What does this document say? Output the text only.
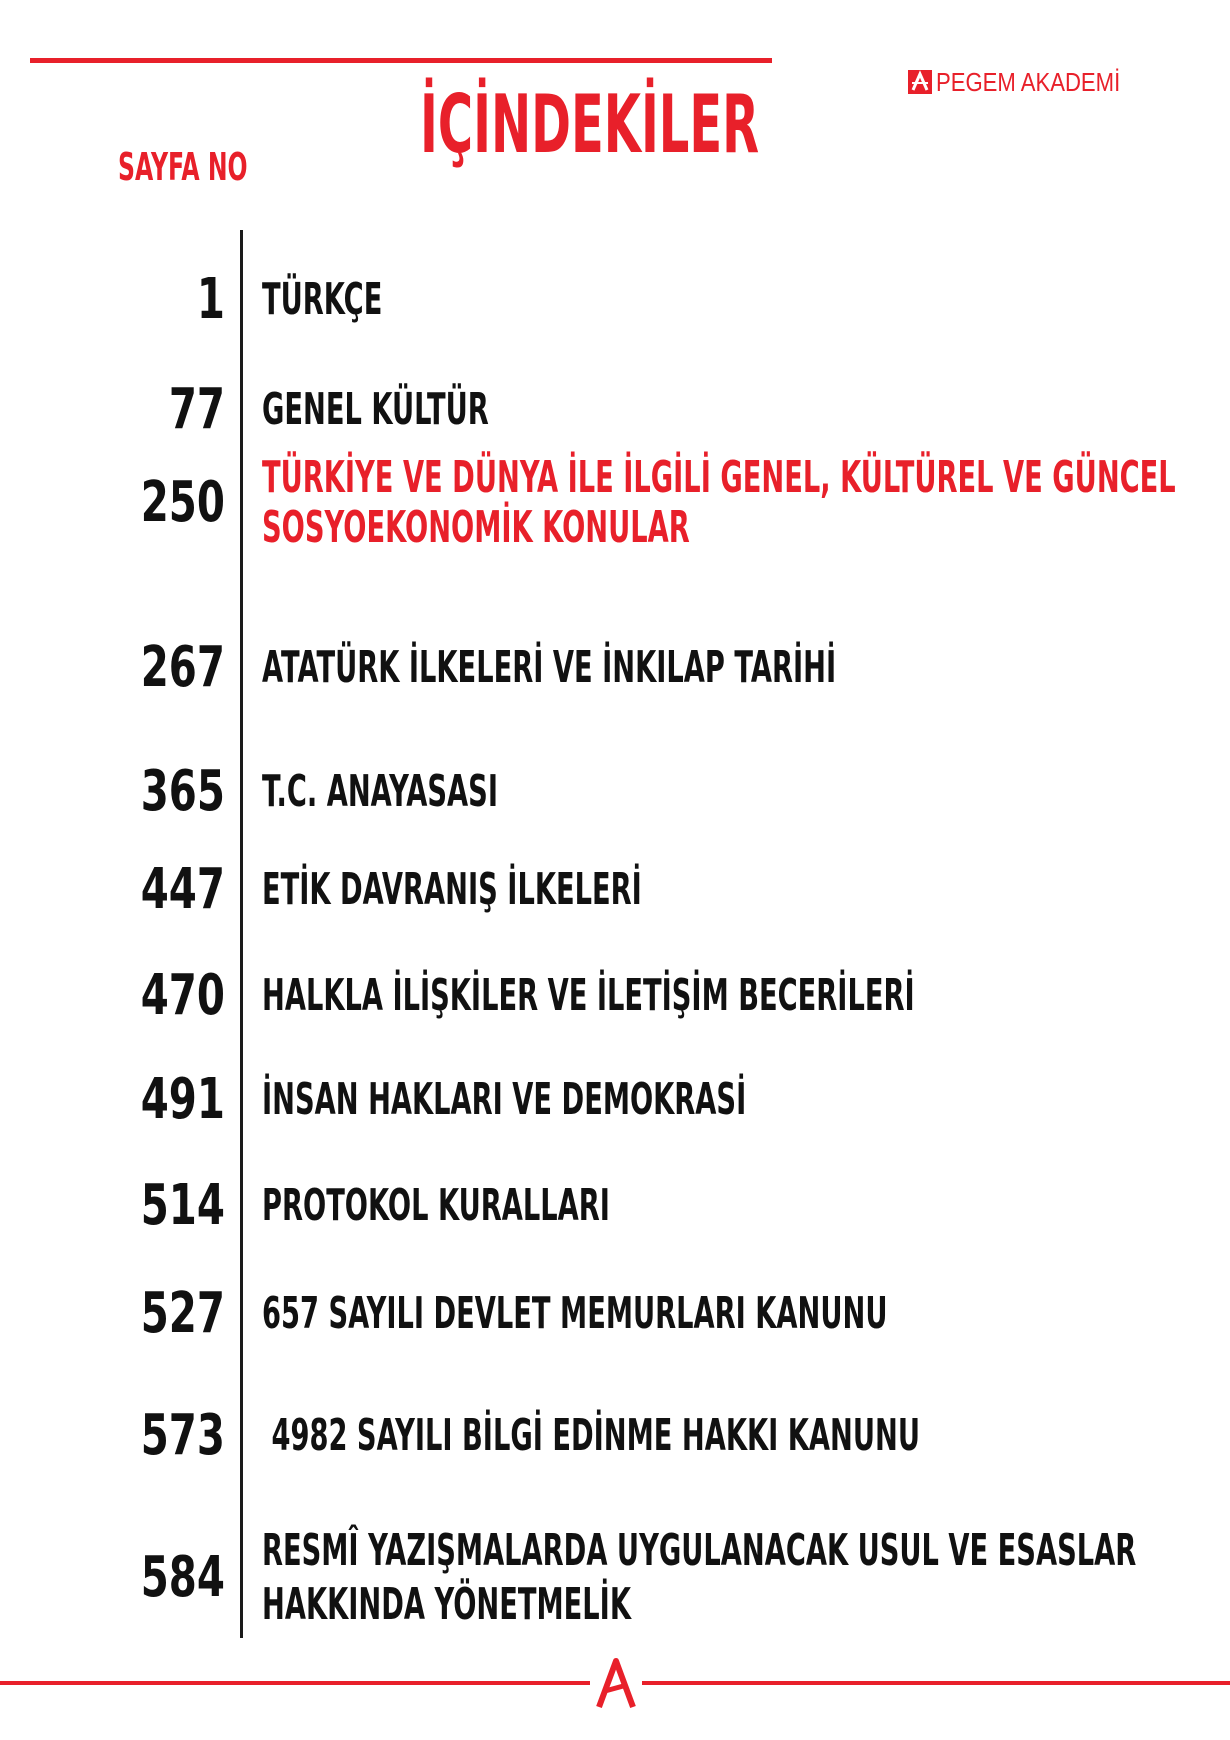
İÇİNDEKİLER
SAYFA NO
PEGEM AKADEMİ
1 TÜRKÇE
77 GENEL KÜLTÜR
250 TÜRKİYE VE DÜNYA İLE İLGİLİ GENEL, KÜLTÜREL VE GÜNCEL
SOSYOEKONOMİK KONULAR
267 ATATÜRK İLKELERİ VE İNKILAP TARİHİ
365 T.C. ANAYASASI
447 ETİK DAVRANIŞ İLKELERİ
470 HALKLA İLİŞKİLER VE İLETİŞİM BECERİLERİ
491 İNSAN HAKLARI VE DEMOKRASİ
514 PROTOKOL KURALLARI
527 657 SAYILI DEVLET MEMURLARI KANUNU
573 4982 SAYILI BİLGİ EDİNME HAKKI KANUNU
584 RESMÎ YAZIŞMALARDA UYGULANACAK USUL VE ESASLAR
HAKKINDA YÖNETMELİK
